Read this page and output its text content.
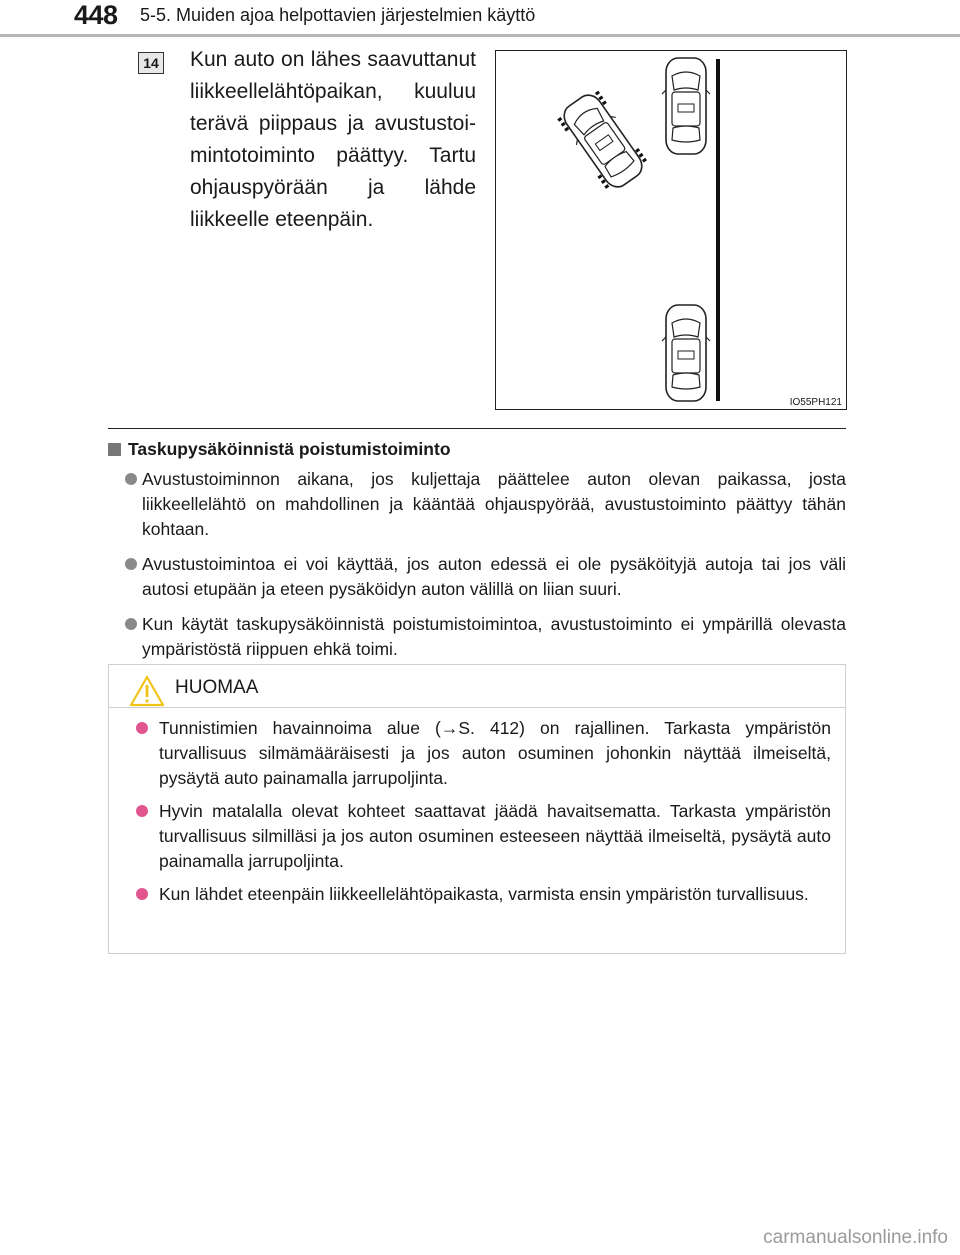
448 5-5. Muiden ajoa helpottavien järjestelmien käyttö
14 Kun auto on lähes saavuttanut liikkeellelähtöpaikan, kuuluu terävä piippaus ja avustustoimintotoiminto päättyy. Tartu ohjauspyörään ja lähde liikkeelle eteenpäin.
IO55PH121
Taskupysäköinnistä poistumistoiminto
Avustustoiminnon aikana, jos kuljettaja päättelee auton olevan paikassa, josta liikkeellelähtö on mahdollinen ja kääntää ohjauspyörää, avustustoiminto päättyy tähän kohtaan.
Avustustoimintoa ei voi käyttää, jos auton edessä ei ole pysäköityjä autoja tai jos väli autosi etupään ja eteen pysäköidyn auton välillä on liian suuri.
Kun käytät taskupysäköinnistä poistumistoimintoa, avustustoiminto ei ympärillä olevasta ympäristöstä riippuen ehkä toimi.
HUOMAA
Tunnistimien havainnoima alue (→S. 412) on rajallinen. Tarkasta ympäristön turvallisuus silmämääräisesti ja jos auton osuminen johonkin näyttää ilmeiseltä, pysäytä auto painamalla jarrupoljinta.
Hyvin matalalla olevat kohteet saattavat jäädä havaitsematta. Tarkasta ympäristön turvallisuus silmilläsi ja jos auton osuminen esteeseen näyttää ilmeiseltä, pysäytä auto painamalla jarrupoljinta.
Kun lähdet eteenpäin liikkeellelähtöpaikasta, varmista ensin ympäristön turvallisuus.
carmanualsonline.info
